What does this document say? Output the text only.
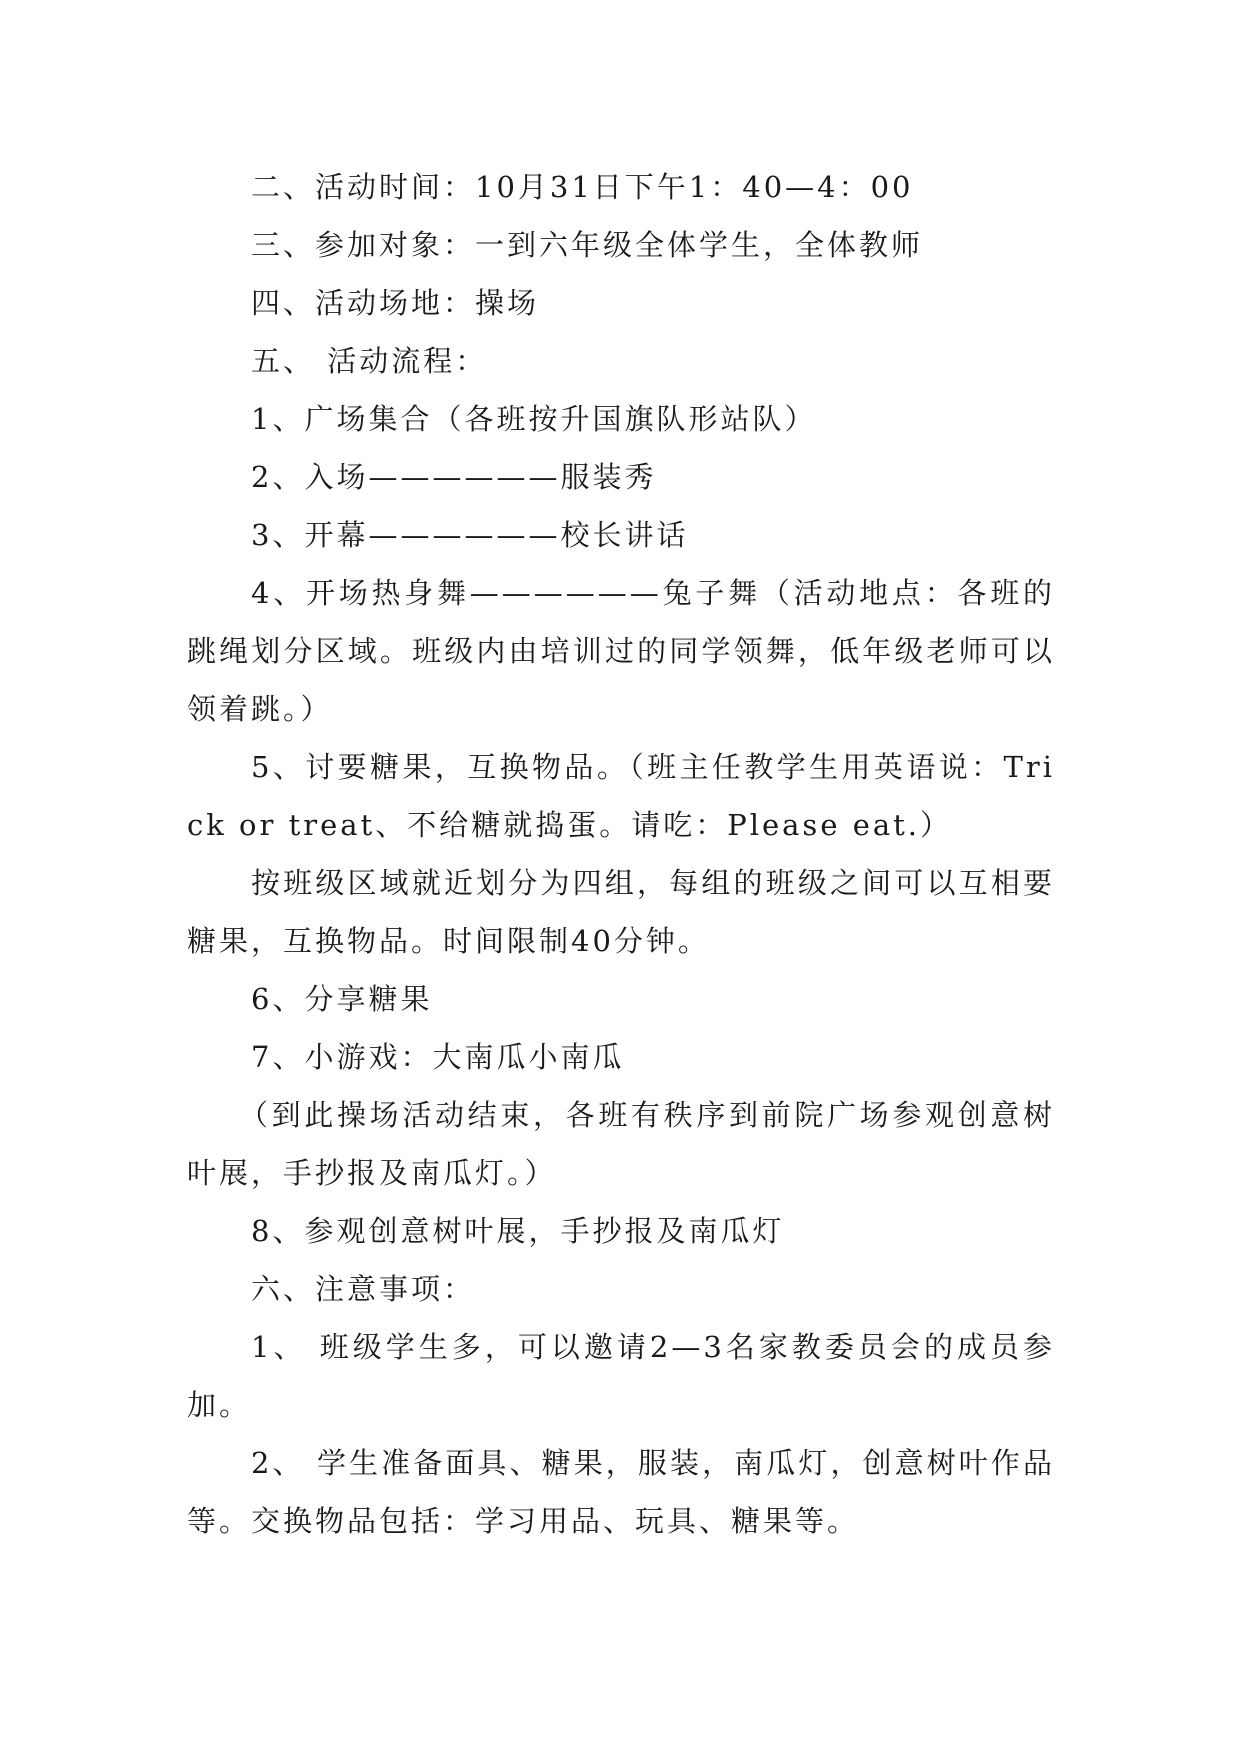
二、活动时间：10月31日下午1：40—4：00

三、参加对象：一到六年级全体学生，全体教师

四、活动场地：操场

五、 活动流程：

1、广场集合（各班按升国旗队形站队）

2、入场——————服装秀

3、开幕——————校长讲话

4、开场热身舞——————兔子舞（活动地点：各班的跳绳划分区域。班级内由培训过的同学领舞，低年级老师可以领着跳。）

5、讨要糖果，互换物品。（班主任教学生用英语说：Trick or treat、不给糖就捣蛋。请吃：Please eat.）

按班级区域就近划分为四组，每组的班级之间可以互相要糖果，互换物品。时间限制40分钟。

6、分享糖果

7、小游戏：大南瓜小南瓜

（到此操场活动结束，各班有秩序到前院广场参观创意树叶展，手抄报及南瓜灯。）

8、参观创意树叶展，手抄报及南瓜灯

六、注意事项：

1、 班级学生多，可以邀请2—3名家教委员会的成员参加。

2、 学生准备面具、糖果，服装，南瓜灯，创意树叶作品等。交换物品包括：学习用品、玩具、糖果等。
